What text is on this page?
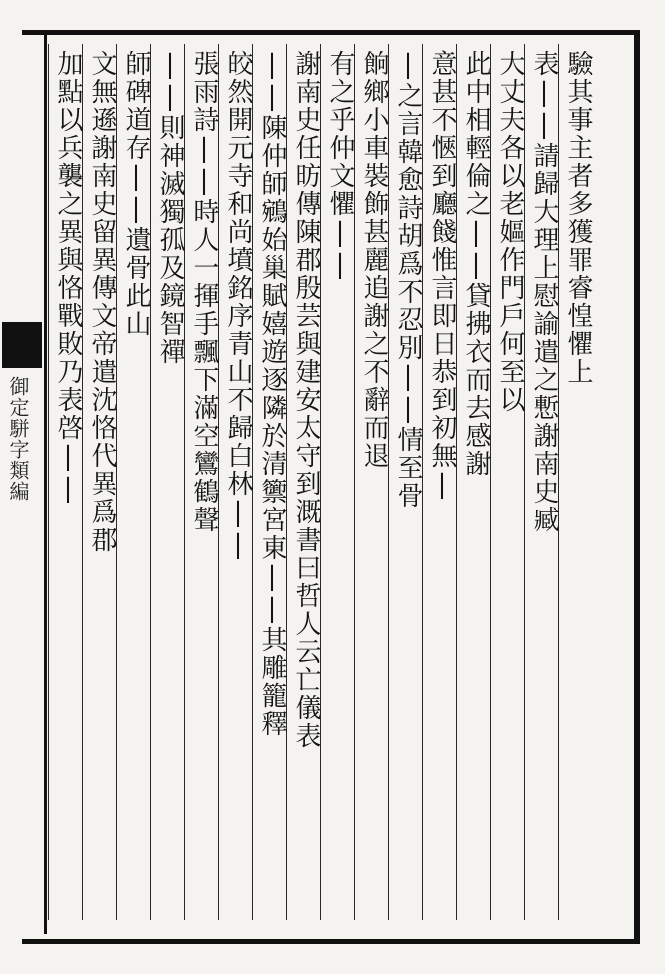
御定駢字類編
驗其事主者多獲罪睿惶懼上
表||請歸大理上慰諭遣之慙謝南史臧
大丈夫各以老嫗作門戶何至以
此中相輕倫之||貸拂衣而去感謝
意甚不愜到廳餞惟言即日恭到初無|
|之言韓愈詩胡爲不忍別||情至骨
餉鄉小車裝飾甚麗追謝之不辭而退
有之乎仲文懼||
謝南史任昉傳陳郡殷芸與建安太守到溉書曰哲人云亡儀表
||陳仲師鵷始巢賦嬉遊逐隣於清籞宮東||其雕籠釋
皎然開元寺和尚墳銘序青山不歸白林||
張雨詩||時人一揮手飄下滿空鸞鶴聲
||則神滅獨孤及鏡智禪
師碑道存||遺骨此山
文無遜謝南史留異傳文帝遣沈恪代異爲郡
加點以兵襲之異與恪戰敗乃表啓||
